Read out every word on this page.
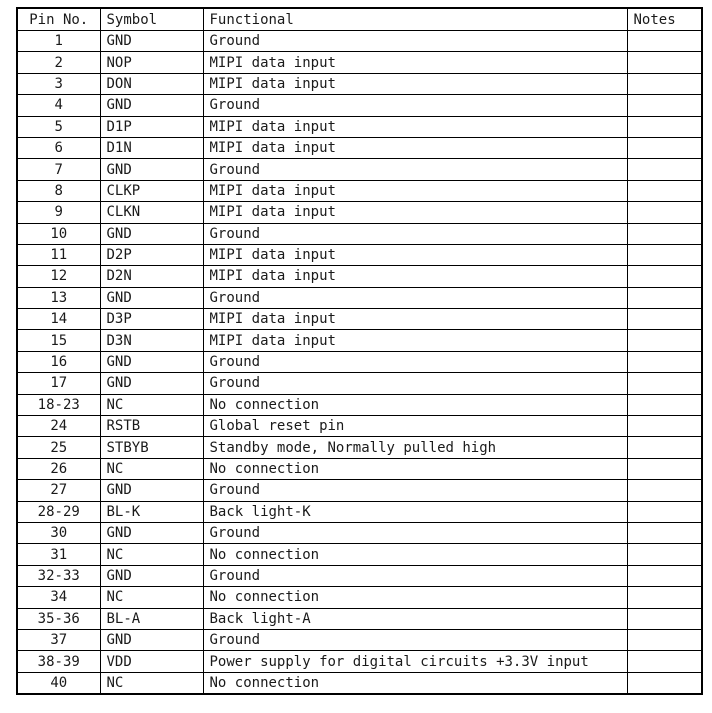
Pin No.	Symbol	Functional	Notes
1	GND	Ground	
2	NOP	MIPI data input	
3	DON	MIPI data input	
4	GND	Ground	
5	D1P	MIPI data input	
6	D1N	MIPI data input	
7	GND	Ground	
8	CLKP	MIPI data input	
9	CLKN	MIPI data input	
10	GND	Ground	
11	D2P	MIPI data input	
12	D2N	MIPI data input	
13	GND	Ground	
14	D3P	MIPI data input	
15	D3N	MIPI data input	
16	GND	Ground	
17	GND	Ground	
18-23	NC	No connection	
24	RSTB	Global reset pin	
25	STBYB	Standby mode, Normally pulled high	
26	NC	No connection	
27	GND	Ground	
28-29	BL-K	Back light-K	
30	GND	Ground	
31	NC	No connection	
32-33	GND	Ground	
34	NC	No connection	
35-36	BL-A	Back light-A	
37	GND	Ground	
38-39	VDD	Power supply for digital circuits +3.3V input	
40	NC	No connection	
